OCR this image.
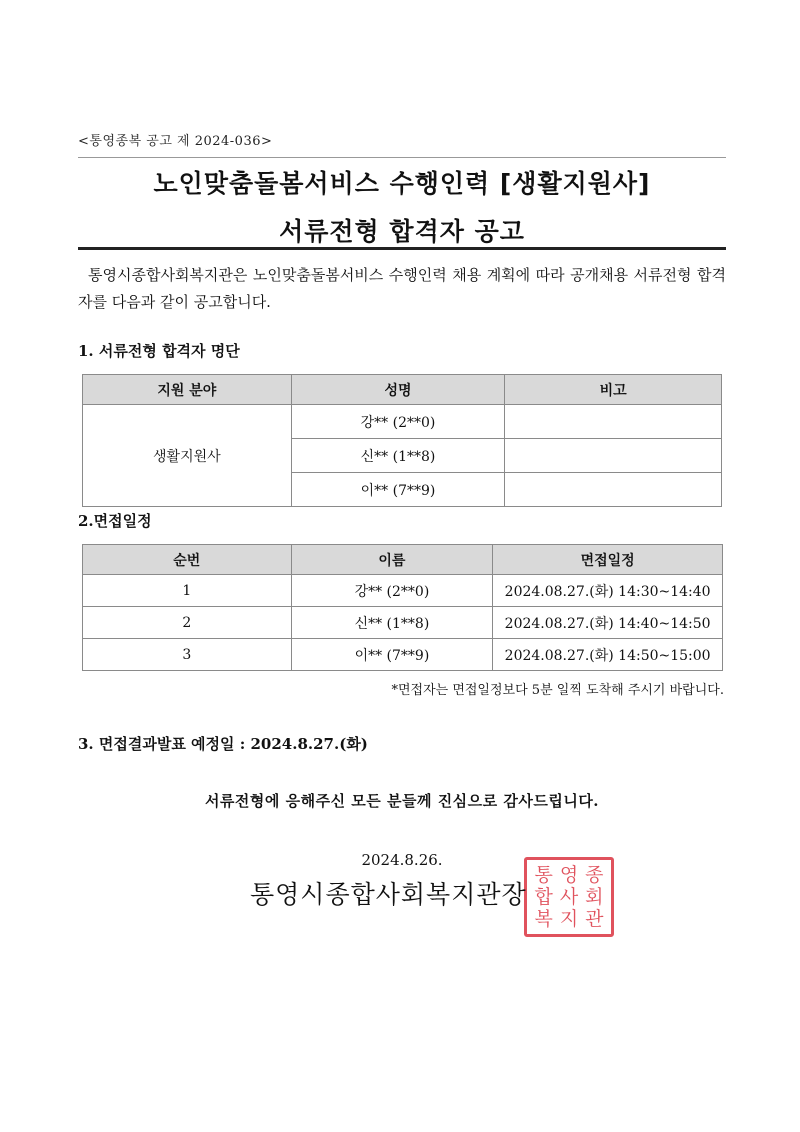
<통영종복 공고 제 2024-036>
노인맞춤돌봄서비스 수행인력 [생활지원사]
서류전형 합격자 공고
통영시종합사회복지관은 노인맞춤돌봄서비스 수행인력 채용 계획에 따라 공개채용 서류전형 합격자를 다음과 같이 공고합니다.
1. 서류전형 합격자 명단
지원 분야	성명	비고
생활지원사	강** (2**0)	
	신** (1**8)	
	이** (7**9)	
2.면접일정
순번	이름	면접일정
1	강** (2**0)	2024.08.27.(화) 14:30~14:40
2	신** (1**8)	2024.08.27.(화) 14:40~14:50
3	이** (7**9)	2024.08.27.(화) 14:50~15:00
*면접자는 면접일정보다 5분 일찍 도착해 주시기 바랍니다.
3. 면접결과발표 예정일 : 2024.8.27.(화)
서류전형에 응해주신 모든 분들께 진심으로 감사드립니다.
2024.8.26.
통 영 종
합 사 회
복 지 관
통영시종합사회복지관장
